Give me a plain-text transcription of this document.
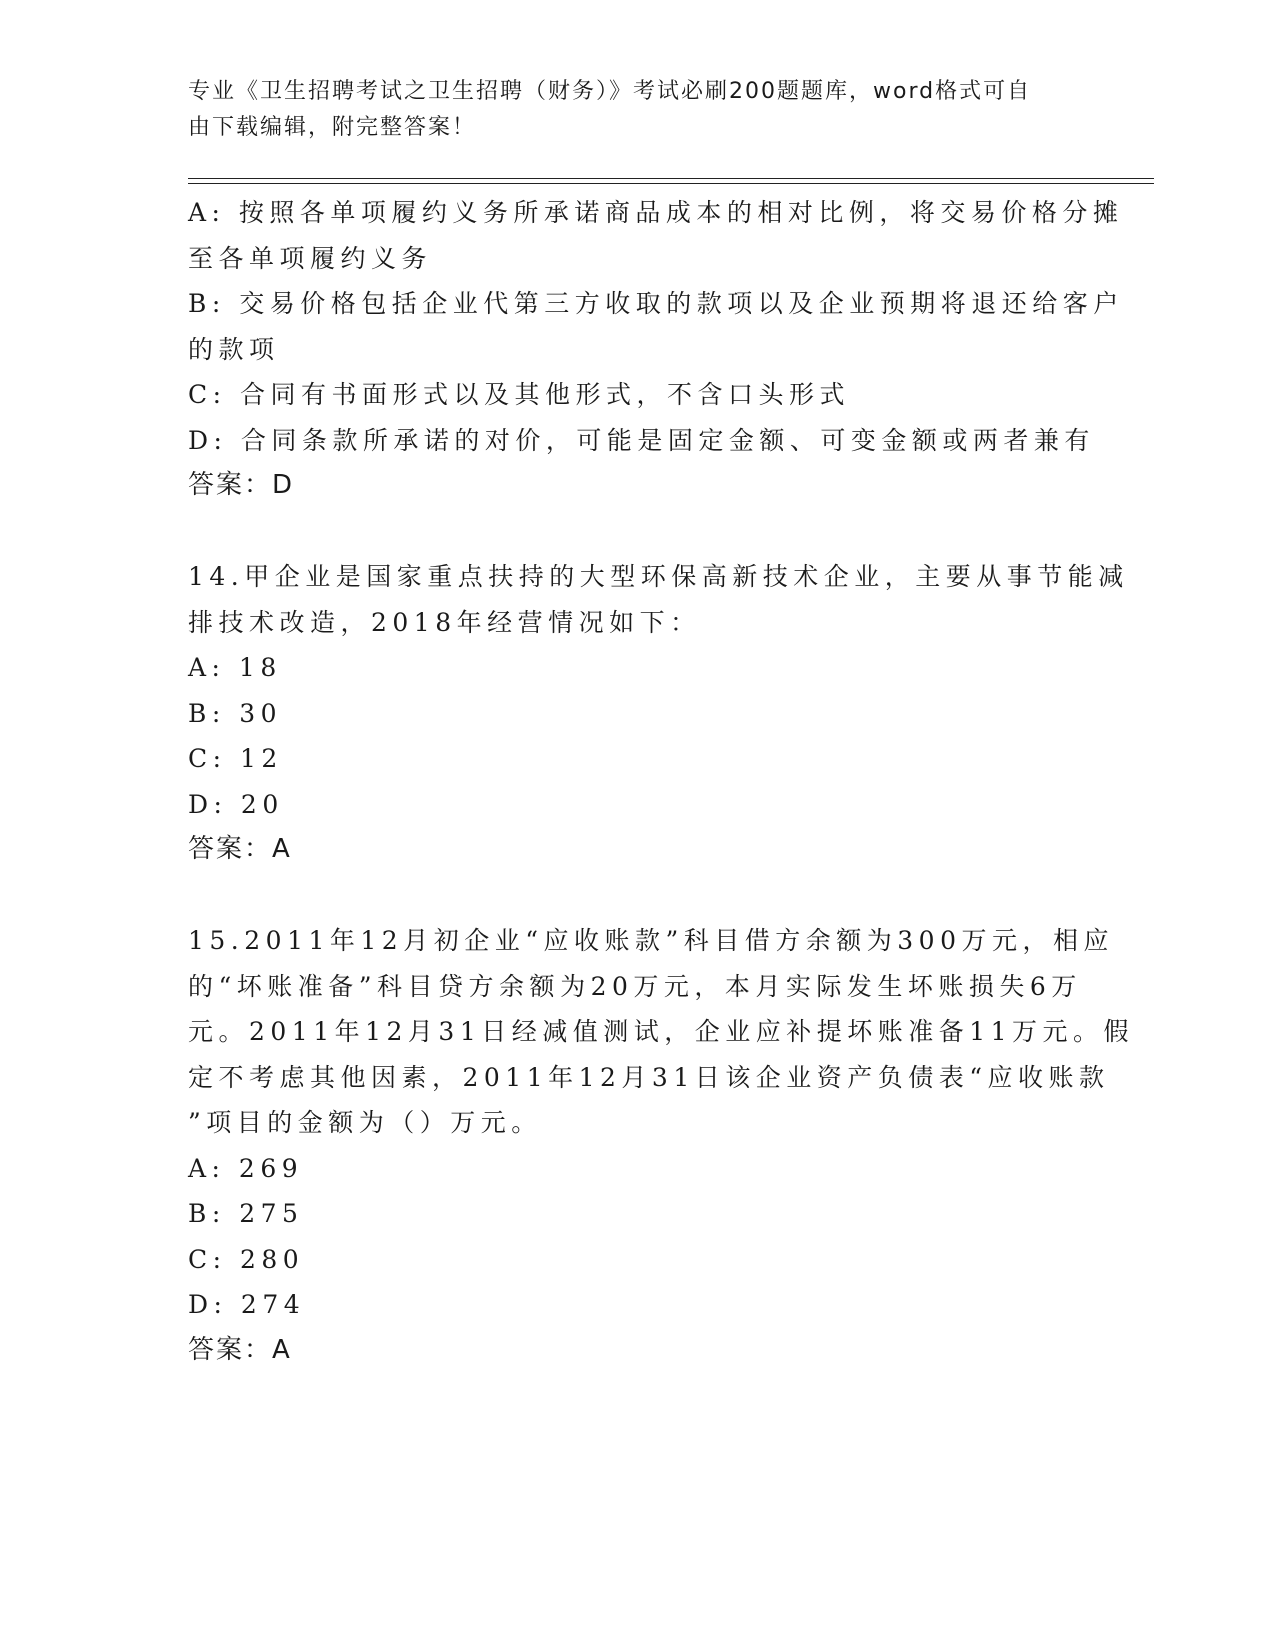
专业《卫生招聘考试之卫生招聘（财务）》考试必刷200题题库，word格式可自
由下载编辑，附完整答案！
A: 按照各单项履约义务所承诺商品成本的相对比例，将交易价格分摊
至各单项履约义务
B: 交易价格包括企业代第三方收取的款项以及企业预期将退还给客户
的款项
C: 合同有书面形式以及其他形式，不含口头形式
D: 合同条款所承诺的对价，可能是固定金额、可变金额或两者兼有
答案：D
14.甲企业是国家重点扶持的大型环保高新技术企业，主要从事节能减
排技术改造，2018年经营情况如下：
A: 18
B: 30
C: 12
D: 20
答案：A
15.2011年12月初企业“应收账款”科目借方余额为300万元，相应
的“坏账准备”科目贷方余额为20万元，本月实际发生坏账损失6万
元。2011年12月31日经减值测试，企业应补提坏账准备11万元。假
定不考虑其他因素，2011年12月31日该企业资产负债表“应收账款
”项目的金额为（）万元。
A: 269
B: 275
C: 280
D: 274
答案：A
